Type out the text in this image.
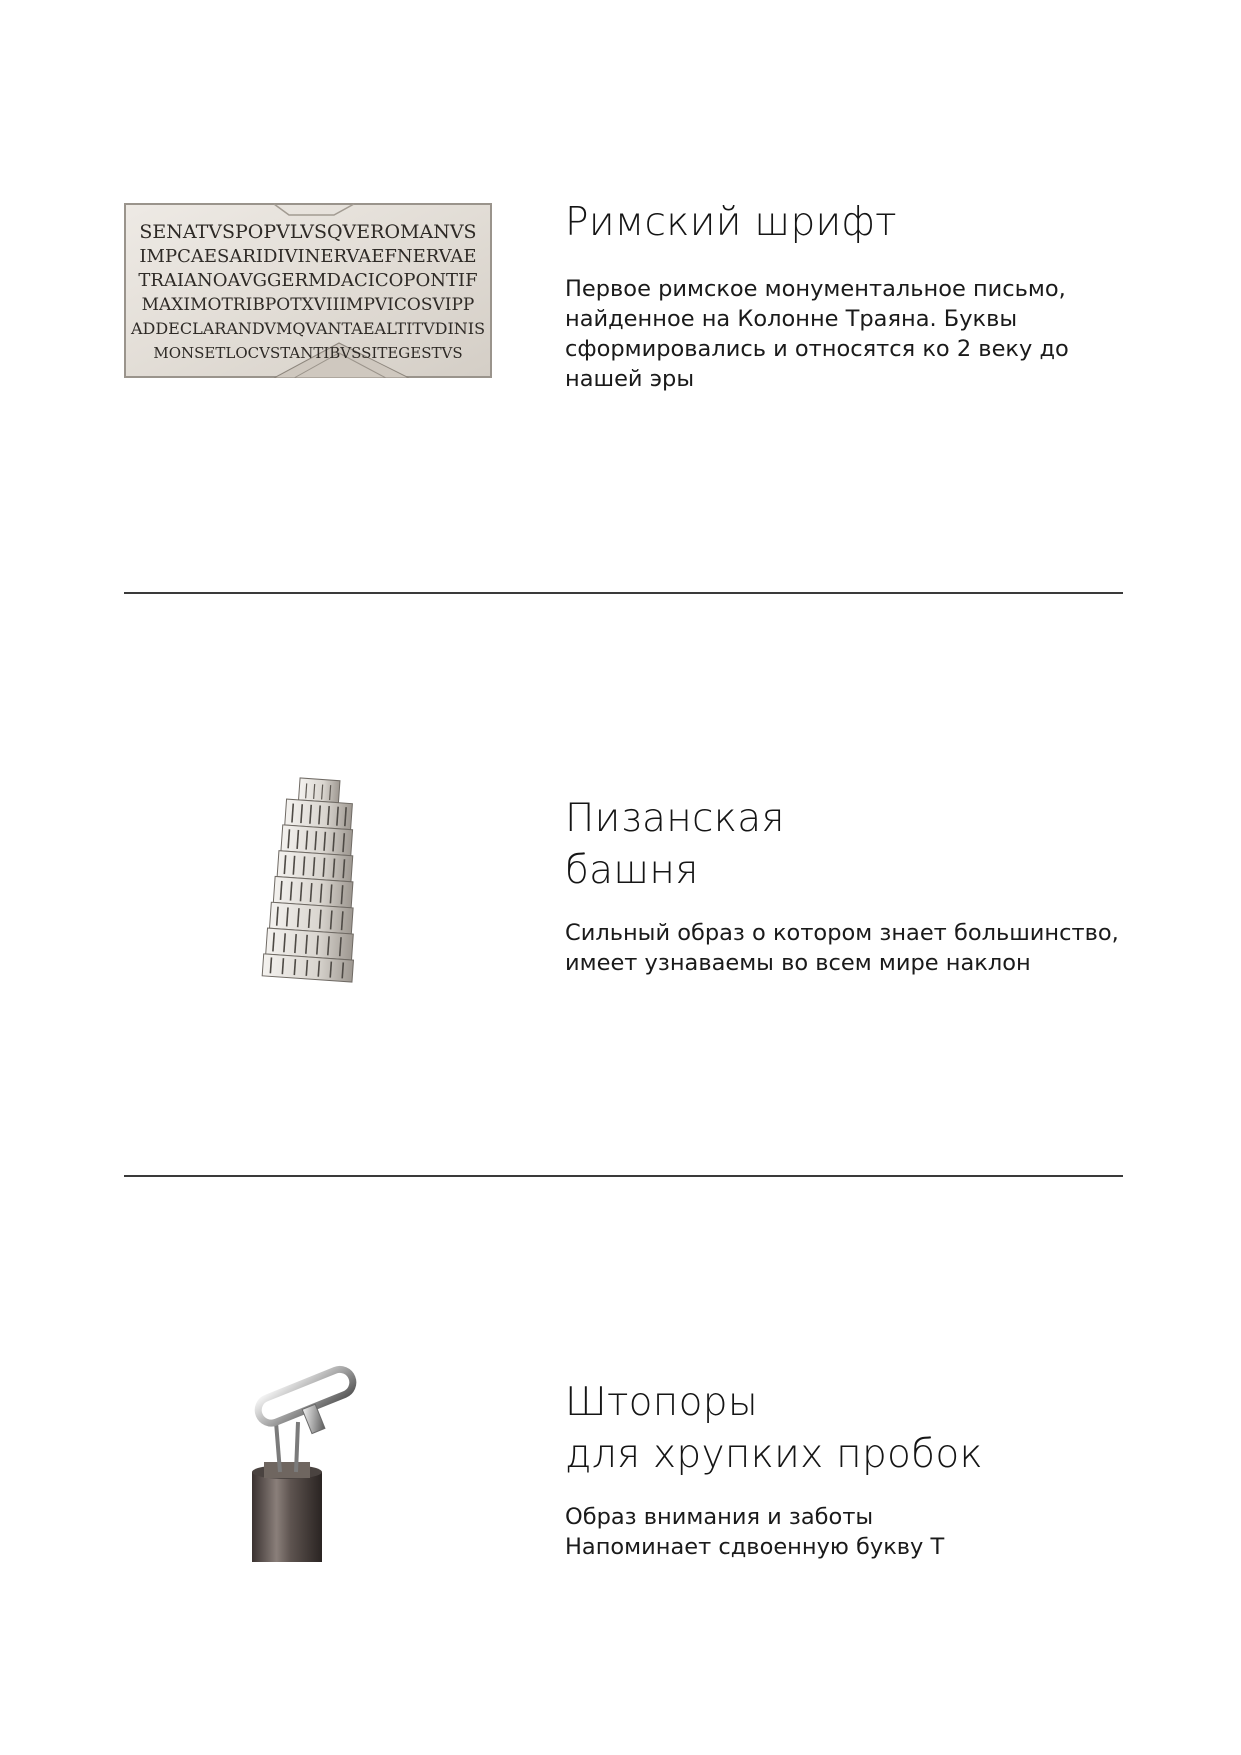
SENATVSPOPVLVSQVEROMANVS
IMPCAESARIDIVINERVAEFNERVAE
TRAIANOAVGGERMDACICOPONTIF
MAXIMOTRIBPOTXVIIIMPVICOSVIPP
ADDECLARANDVMQVANTAEALTITVDINIS
MONSETLOCVSTANTIBVSSITEGESTVS
Римский шрифт
Первое римское монументальное письмо,
найденное на Колонне Траяна. Буквы
сформировались и относятся ко 2 веку до
нашей эры
Пизанская
башня
Сильный образ о котором знает большинство,
имеет узнаваемы во всем мире наклон
Штопоры
для хрупких пробок
Образ внимания и заботы
Напоминает сдвоенную букву Т
